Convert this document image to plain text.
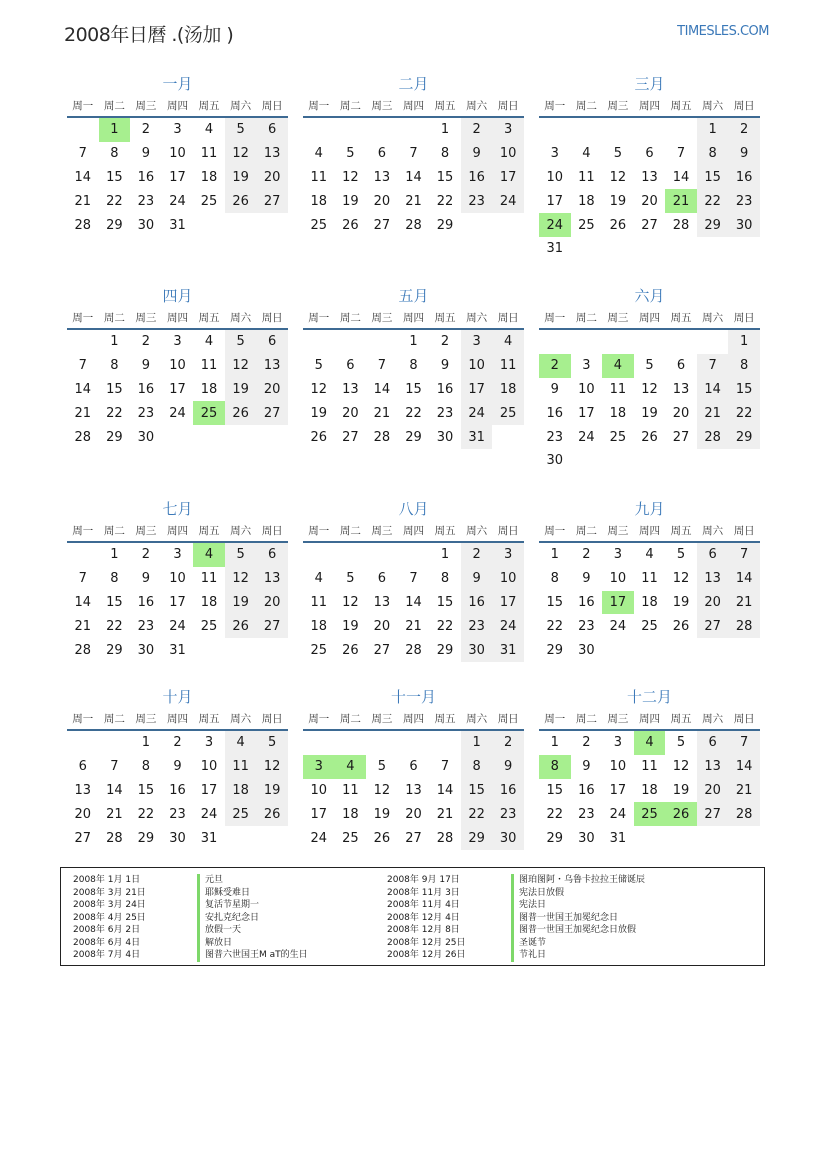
2008年日曆 .(汤加 )	TIMESLES.COM
一月
周一	周二	周三	周四	周五	周六	周日
	1	2	3	4	5	6
7	8	9	10	11	12	13
14	15	16	17	18	19	20
21	22	23	24	25	26	27
28	29	30	31			
二月
周一	周二	周三	周四	周五	周六	周日
				1	2	3
4	5	6	7	8	9	10
11	12	13	14	15	16	17
18	19	20	21	22	23	24
25	26	27	28	29		
三月
周一	周二	周三	周四	周五	周六	周日
					1	2
3	4	5	6	7	8	9
10	11	12	13	14	15	16
17	18	19	20	21	22	23
24	25	26	27	28	29	30
31						
四月
周一	周二	周三	周四	周五	周六	周日
	1	2	3	4	5	6
7	8	9	10	11	12	13
14	15	16	17	18	19	20
21	22	23	24	25	26	27
28	29	30				
五月
周一	周二	周三	周四	周五	周六	周日
			1	2	3	4
5	6	7	8	9	10	11
12	13	14	15	16	17	18
19	20	21	22	23	24	25
26	27	28	29	30	31	
六月
周一	周二	周三	周四	周五	周六	周日
						1
2	3	4	5	6	7	8
9	10	11	12	13	14	15
16	17	18	19	20	21	22
23	24	25	26	27	28	29
30						
七月
周一	周二	周三	周四	周五	周六	周日
	1	2	3	4	5	6
7	8	9	10	11	12	13
14	15	16	17	18	19	20
21	22	23	24	25	26	27
28	29	30	31			
八月
周一	周二	周三	周四	周五	周六	周日
				1	2	3
4	5	6	7	8	9	10
11	12	13	14	15	16	17
18	19	20	21	22	23	24
25	26	27	28	29	30	31
九月
周一	周二	周三	周四	周五	周六	周日
1	2	3	4	5	6	7
8	9	10	11	12	13	14
15	16	17	18	19	20	21
22	23	24	25	26	27	28
29	30					
十月
周一	周二	周三	周四	周五	周六	周日
		1	2	3	4	5
6	7	8	9	10	11	12
13	14	15	16	17	18	19
20	21	22	23	24	25	26
27	28	29	30	31		
十一月
周一	周二	周三	周四	周五	周六	周日
					1	2
3	4	5	6	7	8	9
10	11	12	13	14	15	16
17	18	19	20	21	22	23
24	25	26	27	28	29	30
十二月
周一	周二	周三	周四	周五	周六	周日
1	2	3	4	5	6	7
8	9	10	11	12	13	14
15	16	17	18	19	20	21
22	23	24	25	26	27	28
29	30	31				
2008年 1月 1日	元旦
2008年 3月 21日	耶稣受难日
2008年 3月 24日	复活节星期一
2008年 4月 25日	安扎克纪念日
2008年 6月 2日	放假一天
2008年 6月 4日	解放日
2008年 7月 4日	图普六世国王M aT的生日
2008年 9月 17日	图珀图阿・乌鲁卡拉拉王储诞辰
2008年 11月 3日	宪法日放假
2008年 11月 4日	宪法日
2008年 12月 4日	图普一世国王加冕纪念日
2008年 12月 8日	图普一世国王加冕纪念日放假
2008年 12月 25日	圣诞节
2008年 12月 26日	节礼日
